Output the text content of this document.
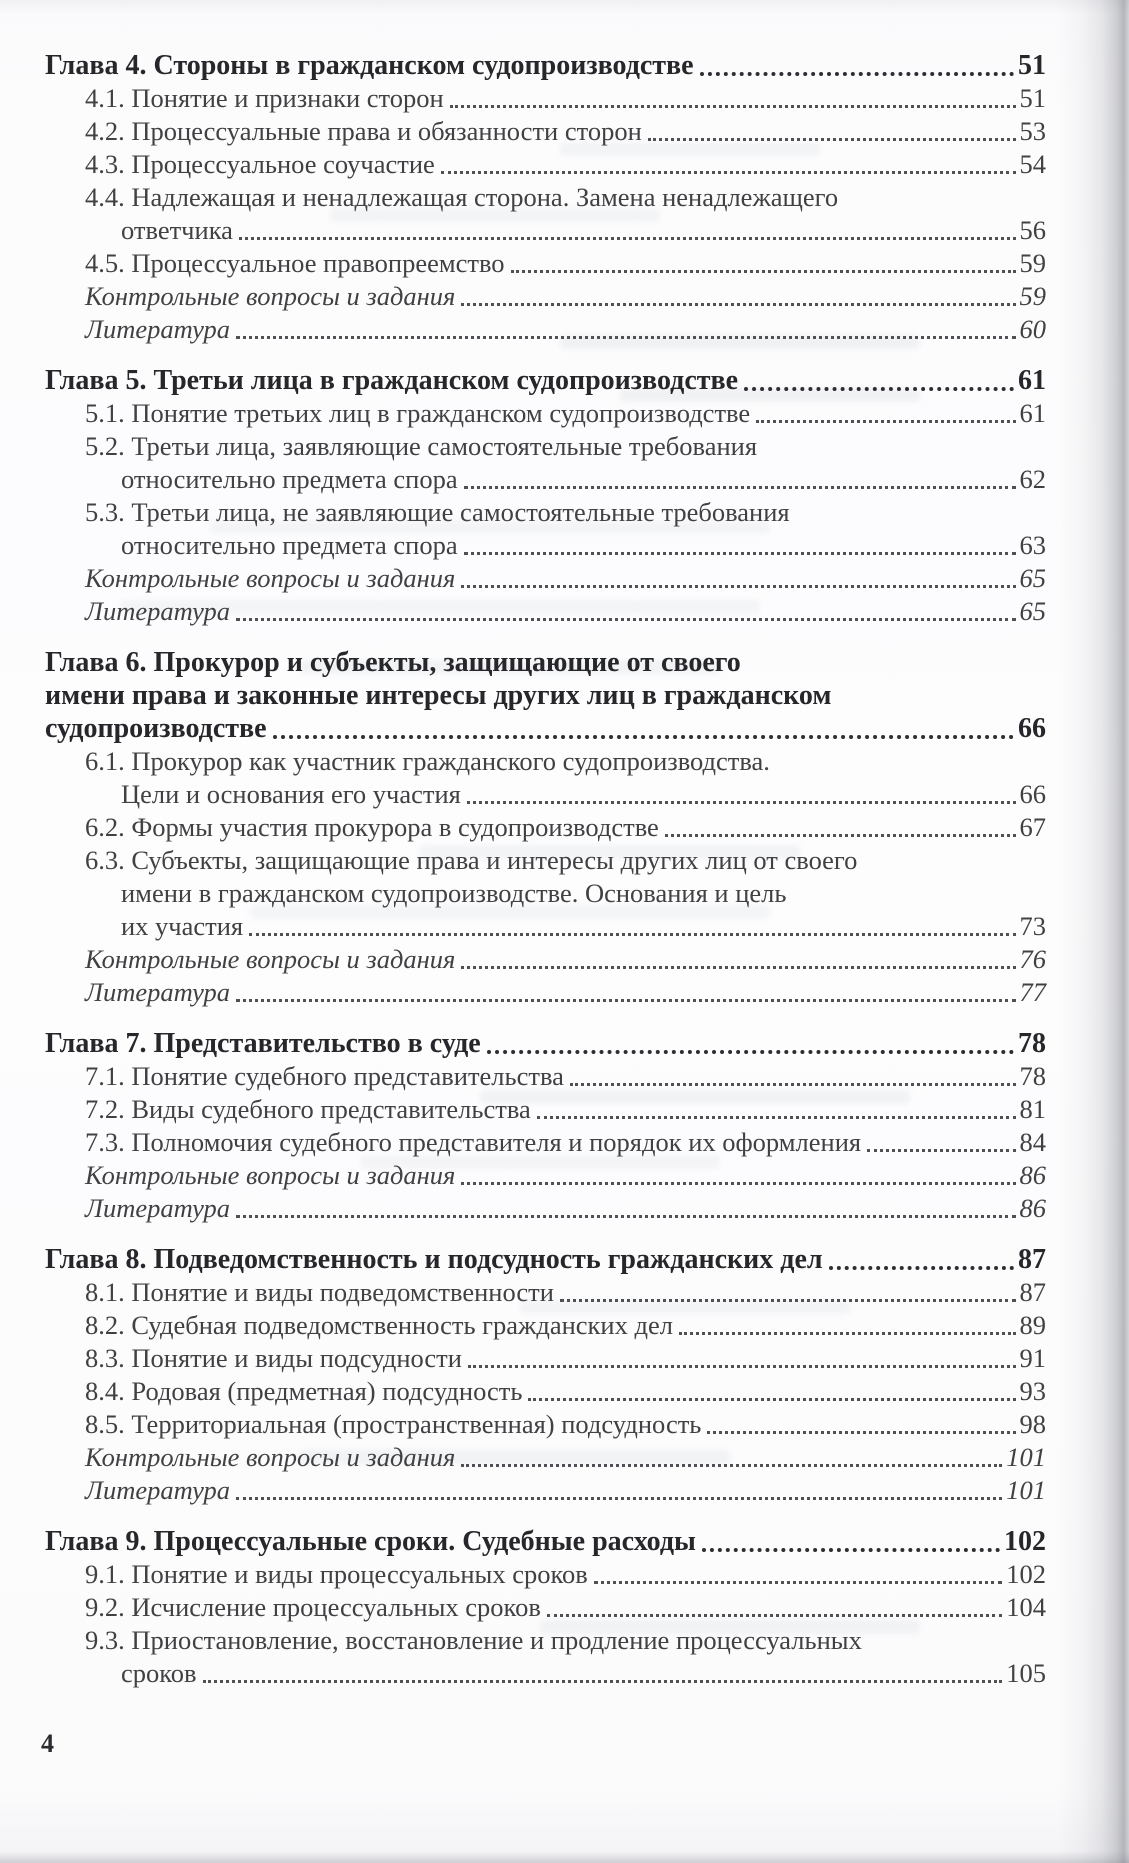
Глава 4. Стороны в гражданском судопроизводстве	51
4.1. Понятие и признаки сторон	51
4.2. Процессуальные права и обязанности сторон	53
4.3. Процессуальное соучастие	54
4.4. Надлежащая и ненадлежащая сторона. Замена ненадлежащего
ответчика	56
4.5. Процессуальное правопреемство	59
Контрольные вопросы и задания	59
Литература	60
Глава 5. Третьи лица в гражданском судопроизводстве	61
5.1. Понятие третьих лиц в гражданском судопроизводстве	61
5.2. Третьи лица, заявляющие самостоятельные требования
относительно предмета спора	62
5.3. Третьи лица, не заявляющие самостоятельные требования
относительно предмета спора	63
Контрольные вопросы и задания	65
Литература	65
Глава 6. Прокурор и субъекты, защищающие от своего
имени права и законные интересы других лиц в гражданском
судопроизводстве	66
6.1. Прокурор как участник гражданского судопроизводства.
Цели и основания его участия	66
6.2. Формы участия прокурора в судопроизводстве	67
6.3. Субъекты, защищающие права и интересы других лиц от своего
имени в гражданском судопроизводстве. Основания и цель
их участия	73
Контрольные вопросы и задания	76
Литература	77
Глава 7. Представительство в суде	78
7.1. Понятие судебного представительства	78
7.2. Виды судебного представительства	81
7.3. Полномочия судебного представителя и порядок их оформления	84
Контрольные вопросы и задания	86
Литература	86
Глава 8. Подведомственность и подсудность гражданских дел	87
8.1. Понятие и виды подведомственности	87
8.2. Судебная подведомственность гражданских дел	89
8.3. Понятие и виды подсудности	91
8.4. Родовая (предметная) подсудность	93
8.5. Территориальная (пространственная) подсудность	98
Контрольные вопросы и задания	101
Литература	101
Глава 9. Процессуальные сроки. Судебные расходы	102
9.1. Понятие и виды процессуальных сроков	102
9.2. Исчисление процессуальных сроков	104
9.3. Приостановление, восстановление и продление процессуальных
сроков	105
4
